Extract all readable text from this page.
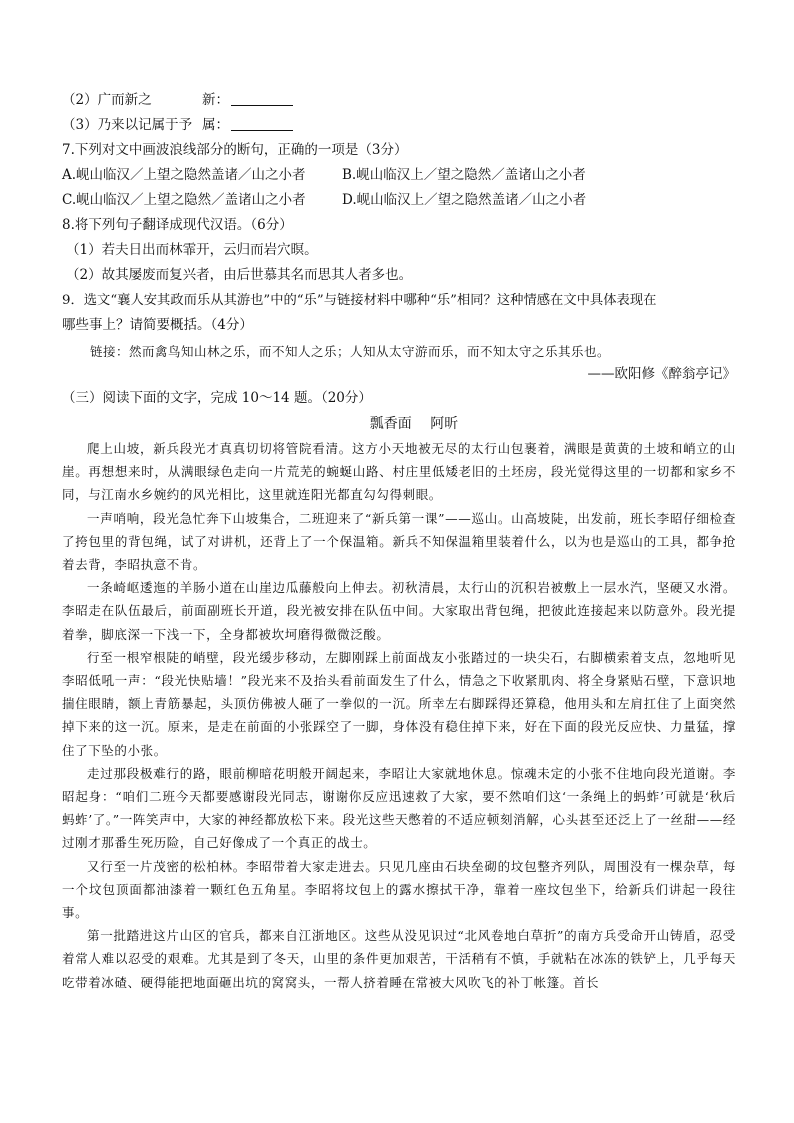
（2）广而新之	新：
（3）乃来以记属于予 属：
7.下列对文中画波浪线部分的断句，正确的一项是（3分）
A.岘山临汉／上望之隐然盖诸／山之小者	B.岘山临汉上／望之隐然／盖诸山之小者
C.岘山临汉／上望之隐然／盖诸山之小者	D.岘山临汉上／望之隐然盖诸／山之小者
8.将下列句子翻译成现代汉语。（6分）
（1）若夫日出而林霏开，云归而岩穴暝。
（2）故其屡废而复兴者，由后世慕其名而思其人者多也。
9．选文“襄人安其政而乐从其游也”中的“乐”与链接材料中哪种“乐”相同？这种情感在文中具体表现在
哪些事上？请简要概括。（4分）
链接：然而禽鸟知山林之乐，而不知人之乐；人知从太守游而乐，而不知太守之乐其乐也。
——欧阳修《醉翁亭记》
（三）阅读下面的文字，完成 10～14 题。（20分）
瓢香面 阿昕

爬上山坡，新兵段光才真真切切将管院看清。这方小天地被无尽的太行山包裹着，满眼是黄黄的土坡和峭立的山崖。再想想来时，从满眼绿色走向一片荒芜的蜿蜒山路、村庄里低矮老旧的土坯房，段光觉得这里的一切都和家乡不同，与江南水乡婉约的风光相比，这里就连阳光都直勾勾得刺眼。

一声哨响，段光急忙奔下山坡集合，二班迎来了“新兵第一课”——巡山。山高坡陡，出发前，班长李昭仔细检查了挎包里的背包绳，试了对讲机，还背上了一个保温箱。新兵不知保温箱里装着什么，以为也是巡山的工具，都争抢着去背，李昭执意不肯。

一条崎岖逶迤的羊肠小道在山崖边瓜藤般向上伸去。初秋清晨，太行山的沉积岩被敷上一层水汽，坚硬又水滑。李昭走在队伍最后，前面副班长开道，段光被安排在队伍中间。大家取出背包绳，把彼此连接起来以防意外。段光提着拳，脚底深一下浅一下，全身都被坎坷磨得微微泛酸。

行至一根窄根陡的峭壁，段光缓步移动，左脚刚踩上前面战友小张踏过的一块尖石，右脚横索着支点，忽地听见李昭低吼一声：“段光快贴墙！”段光来不及抬头看前面发生了什么，情急之下收紧肌肉、将全身紧贴石壁，下意识地揣住眼睛，额上青筋暴起，头顶仿佛被人砸了一拳似的一沉。所幸左右脚踩得还算稳，他用头和左肩扛住了上面突然掉下来的这一沉。原来，是走在前面的小张踩空了一脚，身体没有稳住掉下来，好在下面的段光反应快、力量猛，撑住了下坠的小张。

走过那段极难行的路，眼前柳暗花明般开阔起来，李昭让大家就地休息。惊魂未定的小张不住地向段光道谢。李昭起身：“咱们二班今天都要感谢段光同志，谢谢你反应迅速救了大家，要不然咱们这‘一条绳上的蚂蚱’可就是‘秋后蚂蚱’了。”一阵笑声中，大家的神经都放松下来。段光这些天憋着的不适应顿刻消解，心头甚至还泛上了一丝甜——经过刚才那番生死历险，自己好像成了一个真正的战士。

又行至一片茂密的松柏林。李昭带着大家走进去。只见几座由石块垒砌的坟包整齐列队，周围没有一棵杂草，每一个坟包顶面都油漆着一颗红色五角星。李昭将坟包上的露水擦拭干净，靠着一座坟包坐下，给新兵们讲起一段往事。

第一批踏进这片山区的官兵，都来自江浙地区。这些从没见识过“北风卷地白草折”的南方兵受命开山铸盾，忍受着常人难以忍受的艰难。尤其是到了冬天，山里的条件更加艰苦，干活稍有不慎，手就粘在冰冻的铁铲上，几乎每天吃带着冰碴、硬得能把地面砸出坑的窝窝头，一帮人挤着睡在常被大风吹飞的补丁帐篷。首长
